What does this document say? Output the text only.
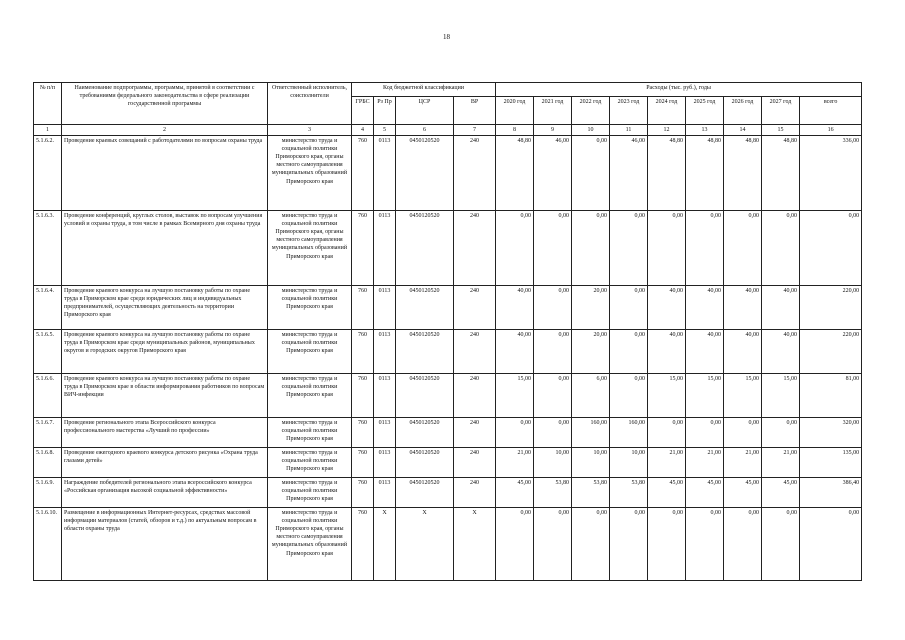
18
№ п/п	Наименование подпрограммы, программы, принятой в соответствии с требованиями федерального законодательства в сфере реализации государственной программы	Ответственный исполнитель, соисполнители	Код бюджетной классификации				Расходы (тыс. руб.), годы								
			ГРБС	Рз Пр	ЦСР	ВР	2020 год	2021 год	2022 год	2023 год	2024 год	2025 год	2026 год	2027 год	всего
1	2	3	4	5	6	7	8	9	10	11	12	13	14	15	16
5.1.6.2.	Проведение краевых совещаний с работодателями по вопросам охраны труда	министерство труда и социальной политики Приморского края, органы местного самоуправления муниципальных образований Приморского края	760	0113	0450120520	240	48,80	46,00	0,00	46,00	48,80	48,80	48,80	48,80	336,00
5.1.6.3.	Проведение конференций, круглых столов, выставок по вопросам улучшения условий и охраны труда, в том числе в рамках Всемирного дня охраны труда	министерство труда и социальной политики Приморского края, органы местного самоуправления муниципальных образований Приморского края	760	0113	0450120520	240	0,00	0,00	0,00	0,00	0,00	0,00	0,00	0,00	0,00
5.1.6.4.	Проведение краевого конкурса на лучшую постановку работы по охране труда в Приморском крае среди юридических лиц и индивидуальных предпринимателей, осуществляющих деятельность на территории Приморского края	министерство труда и социальной политики Приморского края	760	0113	0450120520	240	40,00	0,00	20,00	0,00	40,00	40,00	40,00	40,00	220,00
5.1.6.5.	Проведение краевого конкурса на лучшую постановку работы по охране труда в Приморском крае среди муниципальных районов, муниципальных округов и городских округов Приморского края	министерство труда и социальной политики Приморского края	760	0113	0450120520	240	40,00	0,00	20,00	0,00	40,00	40,00	40,00	40,00	220,00
5.1.6.6.	Проведение краевого конкурса на лучшую постановку работы по охране труда в Приморском крае в области информирования работников по вопросам ВИЧ-инфекции	министерство труда и социальной политики Приморского края	760	0113	0450120520	240	15,00	0,00	6,00	0,00	15,00	15,00	15,00	15,00	81,00
5.1.6.7.	Проведение регионального этапа Всероссийского конкурса профессионального мастерства «Лучший по профессии»	министерство труда и социальной политики Приморского края	760	0113	0450120520	240	0,00	0,00	160,00	160,00	0,00	0,00	0,00	0,00	320,00
5.1.6.8.	Проведение ежегодного краевого конкурса детского рисунка «Охрана труда глазами детей»	министерство труда и социальной политики Приморского края	760	0113	0450120520	240	21,00	10,00	10,00	10,00	21,00	21,00	21,00	21,00	135,00
5.1.6.9.	Награждение победителей регионального этапа всероссийского конкурса «Российская организация высокой социальной эффективности»	министерство труда и социальной политики Приморского края	760	0113	0450120520	240	45,00	53,80	53,80	53,80	45,00	45,00	45,00	45,00	386,40
5.1.6.10.	Размещение в информационных Интернет-ресурсах, средствах массовой информации материалов (статей, обзоров и т.д.) по актуальным вопросам в области охраны труда	министерство труда и социальной политики Приморского края, органы местного самоуправления муниципальных образований Приморского края	760	X	X	X	0,00	0,00	0,00	0,00	0,00	0,00	0,00	0,00	0,00
